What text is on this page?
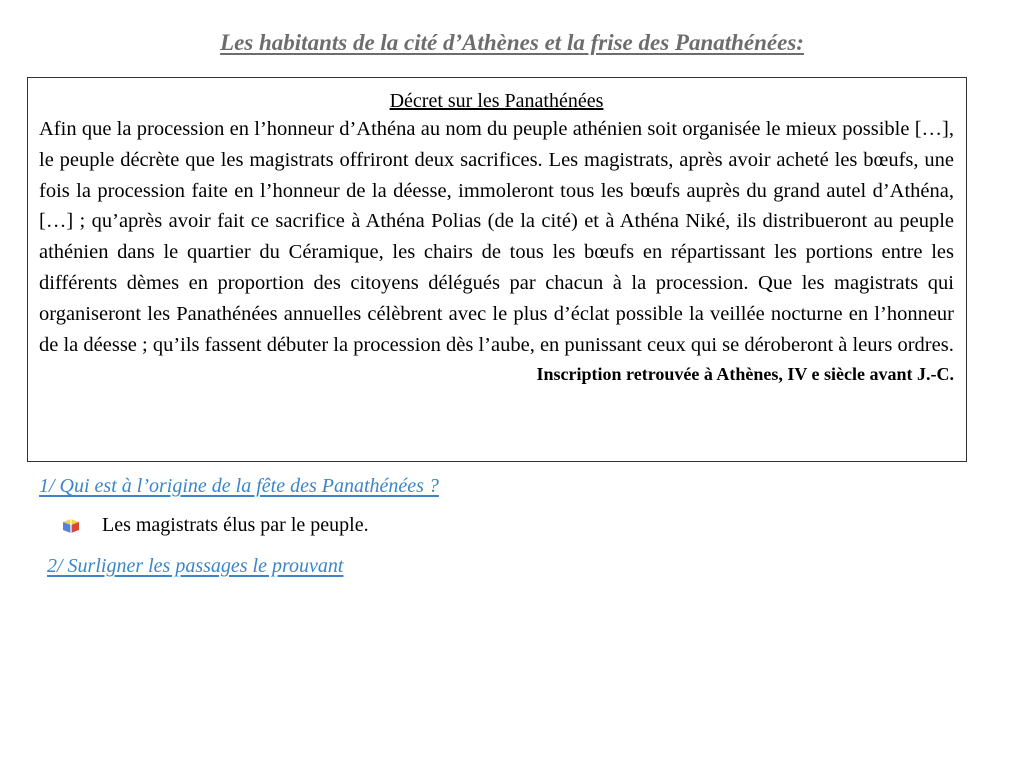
Les habitants de la cité d’Athènes et la frise des Panathénées:

Décret sur les Panathénées

Afin que la procession en l’honneur d’Athéna au nom du peuple athénien soit organisée le mieux possible […], le peuple décrète que les magistrats offriront deux sacrifices. Les magistrats, après avoir acheté les bœufs, une fois la procession faite en l’honneur de la déesse, immoleront tous les bœufs auprès du grand autel d’Athéna, […] ; qu’après avoir fait ce sacrifice à Athéna Polias (de la cité) et à Athéna Niké, ils distribueront au peuple athénien dans le quartier du Céramique, les chairs de tous les bœufs en répartissant les portions entre les différents dèmes en proportion des citoyens délégués par chacun à la procession. Que les magistrats qui organiseront les Panathénées annuelles célèbrent avec le plus d’éclat possible la veillée nocturne en l’honneur de la déesse ; qu’ils fassent débuter la procession dès l’aube, en punissant ceux qui se déroberont à leurs ordres.

Inscription retrouvée à Athènes, IV e siècle avant J.-C.

1/ Qui est à l’origine de la fête des Panathénées ?

Les magistrats élus par le peuple.

2/ Surligner les passages le prouvant
